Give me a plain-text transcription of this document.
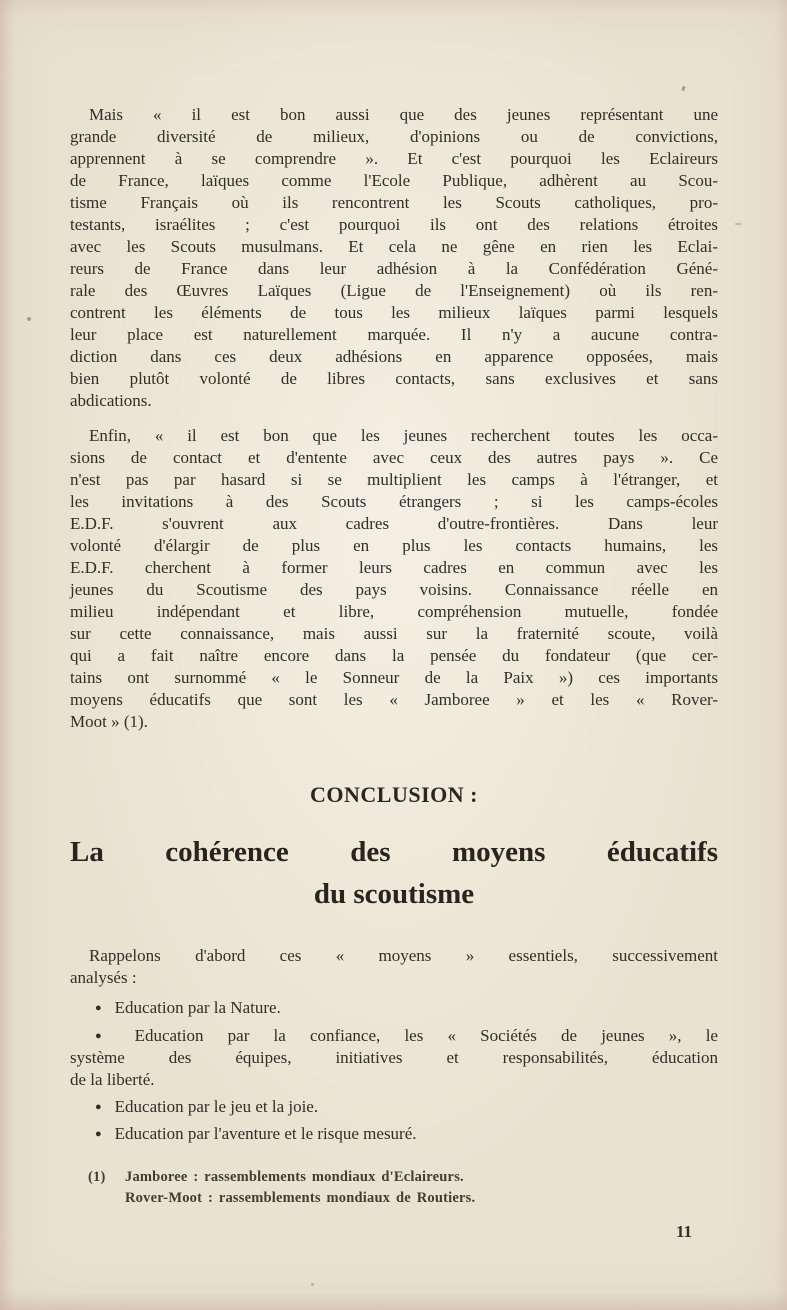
Mais « il est bon aussi que des jeunes représentant une
grande diversité de milieux, d'opinions ou de convictions,
apprennent à se comprendre ». Et c'est pourquoi les Eclaireurs
de France, laïques comme l'Ecole Publique, adhèrent au Scou-
tisme Français où ils rencontrent les Scouts catholiques, pro-
testants, israélites ; c'est pourquoi ils ont des relations étroites
avec les Scouts musulmans. Et cela ne gêne en rien les Eclai-
reurs de France dans leur adhésion à la Confédération Géné-
rale des Œuvres Laïques (Ligue de l'Enseignement) où ils ren-
contrent les éléments de tous les milieux laïques parmi lesquels
leur place est naturellement marquée. Il n'y a aucune contra-
diction dans ces deux adhésions en apparence opposées, mais
bien plutôt volonté de libres contacts, sans exclusives et sans
abdications.
Enfin, « il est bon que les jeunes recherchent toutes les occa-
sions de contact et d'entente avec ceux des autres pays ». Ce
n'est pas par hasard si se multiplient les camps à l'étranger, et
les invitations à des Scouts étrangers ; si les camps-écoles
E.D.F. s'ouvrent aux cadres d'outre-frontières. Dans leur
volonté d'élargir de plus en plus les contacts humains, les
E.D.F. cherchent à former leurs cadres en commun avec les
jeunes du Scoutisme des pays voisins. Connaissance réelle en
milieu indépendant et libre, compréhension mutuelle, fondée
sur cette connaissance, mais aussi sur la fraternité scoute, voilà
qui a fait naître encore dans la pensée du fondateur (que cer-
tains ont surnommé « le Sonneur de la Paix ») ces importants
moyens éducatifs que sont les « Jamboree » et les « Rover-
Moot » (1).
CONCLUSION :
La cohérence des moyens éducatifs
du scoutisme
Rappelons d'abord ces « moyens » essentiels, successivement
analysés :
● Education par la Nature.
● Education par la confiance, les « Sociétés de jeunes », le
système des équipes, initiatives et responsabilités, éducation
de la liberté.
● Education par le jeu et la joie.
● Education par l'aventure et le risque mesuré.
(1) Jamboree : rassemblements mondiaux d'Eclaireurs.
Rover-Moot : rassemblements mondiaux de Routiers.
11
